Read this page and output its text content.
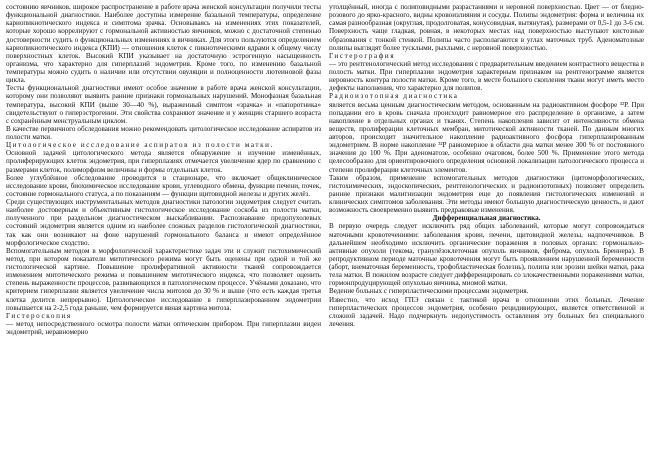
состоянию яичников, широкое распространение в работе врача женской консультации получили тесты функциональной диагностики. Наиболее доступны измерение базальной температуры, определение кариопикнотического индекса и симптома зрачка. Основываясь на изменениях этих показателей, которые хорошо коррелируют с гормональной активностью яичников, можно с достаточной степенью достоверности судить о функциональных изменениях в яичниках. Для этого пользуются определением кариопикнотического индекса (КПИ) — отношения клеток с пикнотическими ядрами к общему числу поверхностных клеток. Высокий КПИ указывает на достаточную эстрогенную насыщенность организма, что характерно для гиперплазий эндометрия. Кроме того, по изменению базальной температуры можно судить о наличии или отсутствии овуляции и полноценности лютеиновой фазы цикла.

Тесты функциональной диагностики имеют особое значение в работе врача женской консультации, которому они позволяют выявить ранние признаки гормональных нарушений. Монофазная базальная температура, высокий КПИ (выше 30—40 %), выраженный симптом «зрачка» и «папоротника» свидетельствуют о гиперэстрогении. Эти свойства сохраняют значение и у женщин старшего возраста с сохранённым менструальным циклом.

В качестве первичного обследования можно рекомендовать цитологическое исследование аспиратов из полости матки.

Цитологическое исследование аспиратов из полости матки.

Основной задачей цитологического метода является обнаружение и изучение изменённых, пролиферирующих клеток эндометрия, при гиперплазиях отмечается увеличение ядер по сравнению с размерами клеток, полиморфизм величины и формы отдельных клеток.

Более углублённое обследование проводится в стационаре, что включает общеклиническое исследование крови, биохимическое исследование крови, углеводного обмена, функции печени, почек, состояние гормонального статуса, а по показаниям — функции щитовидной железы и других желёз.

Среди существующих инструментальных методов диагностики патологии эндометрия следует считать наиболее достоверным и объективным гистологическое исследование соскоба из полости матки, полученного при раздельном диагностическом выскабливании. Распознавание предопухолевых состояний эндометрия является одним из наиболее сложных разделов гистологической диагностики, так как они возникают на фоне нарушений гормонального баланса и имеют определённое морфологическое сходство.

Вспомогательным методом в морфологической характеристике задач эти и служит гистохимический метод, при котором показатели митотического режима могут быть оценены при одной и той же гистологической картине. Повышение пролиферативной активности тканей сопровождается изменением митотического режима и повышением митотического индекса, что позволяет оценить степень выраженности процессов, развивающихся в патологическом процессе. Учёными доказано, что критерием гиперплазии является увеличение числа митозов до 30 % и выше (что есть каждая третья клетка делится непрерывно). Цитологическое исследование в гиперплазированном эндометрии повышается на 2-2,5 года раньше, чем формируется явная картина митоза.

Гистероскопия

— метод непосредственного осмотра полости матки оптическим прибором. При гиперплазии виден эндометрий, неравномерно

утолщённый, иногда с полиповидными разрастаниями и неровной поверхностью. Цвет — от бледно-розового до ярко-красного, видны кровоизлияния и сосуды. Полипы эндометрия: форма и величина их самая разнообразная (округлая, продолговатая, конусовидная, вытянутая), размерами от 0,5-1 до 3-6 см. Поверхность чаще гладкая, ровная, в некоторых местах над поверхностью выступают кистозные образования с тонкой стенкой. Полипы часто располагаются в углах маточных труб. Аденоматозные полипы выглядят более тусклыми, рыхлыми, с неровной поверхностью.

Гистерография

— это рентгенологический метод исследования с предварительным введением контрастного вещества в полость матки. При гиперплазии эндометрия характерным признаком на рентгенограмме является неровность контура полости матки. Кроме того, в месте большого скопления ткани могут иметь место дефекты наполнения, что характерно для полипов.

Радиоизотопная диагностика

является весьма ценным диагностическим методом, основанным на радиоактивном фосфоре ³²Р. При попадании его в кровь сначала происходит равномерное его распределение в организме, а затем накопление в отдельных органах и тканях. Степень накопления зависит от интенсивности обмена веществ, пролиферации клеточных мембран, митотической активности тканей. По данным многих авторов, происходит значительное накопление радиоактивного фосфора гиперплазированным эндометрием. В норме накопление ³²Р равномерное в области дна матки менее 300 % от постоянного значения до 100 %. При аденоматозе, особенно очаговом, более 500 %. Применение этого метода целесообразно для ориентировочного определения основной локализации патологического процесса и степени пролиферации клеточных элементов.

Таким образом, применение вспомогательных методов диагностики (цитоморфологических, гистохимических, эндоскопических, рентгенологических и радиоизотопных) позволяет определить ранние признаки малигнизации эндометрия еще до появления гистологических изменений и клинических симптомов заболевания. Эти методы имеют большую диагностическую ценность, и дают возможность своевременно выявить предраковые изменения.

Дифференциальная диагностика.

В первую очередь следует исключить ряд общих заболеваний, которые могут сопровождаться маточными кровотечениями: заболевания крови, печени, щитовидной железы, надпочечников. В дальнейшем необходимо исключить органические поражения в половых органах: гормонально-активные опухоли (текома, гранулёзоклеточная опухоль яичников, фиброма, опухоль Бреннера). В репродуктивном периоде маточные кровотечения могут быть проявлением нарушенной беременности (аборт, внематочная беременность, трофобластическая болезнь), полипа или эрозии шейки матки, рака тела матки. В пожилом возрасте следует дифференцировать со злокачественными поражениями матки, гормонпродуцирующей опухолью яичника, миомой матки.

Ведение больных с гиперпластическими процессами эндометрия.

Известно, что исход ГПЭ связан с тактикой врача в отношении этих больных. Лечение гиперпластических процессов эндометрия, особенно рецидивирующих, является ответственной и сложной задачей. Надо подчеркнуть недопустимость оставления эту больных без специального лечения.
